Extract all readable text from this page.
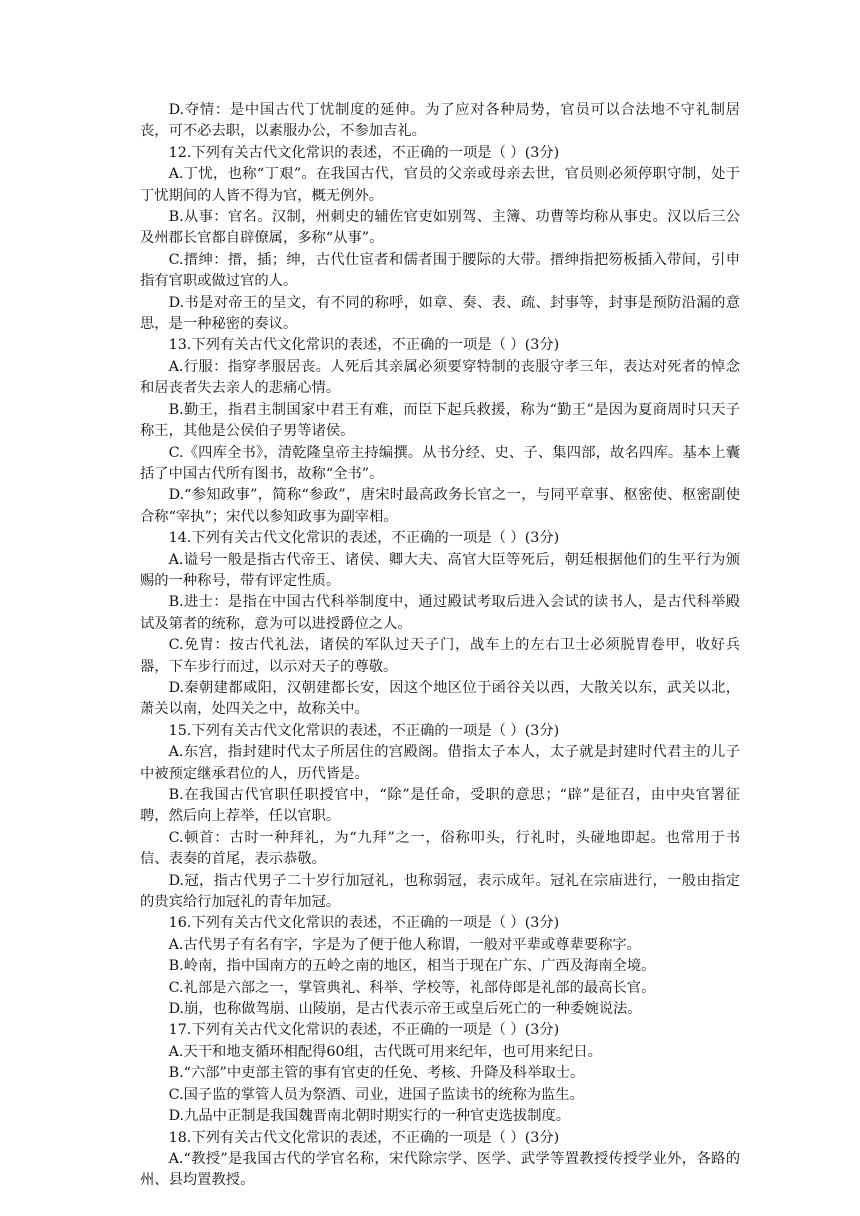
D.夺情：是中国古代丁忧制度的延伸。为了应对各种局势，官员可以合法地不守礼制居丧，可不必去职，以素服办公，不参加吉礼。

12.下列有关古代文化常识的表述，不正确的一项是（ ）(3分)

A.丁忧，也称“丁艰”。在我国古代，官员的父亲或母亲去世，官员则必须停职守制，处于丁忧期间的人皆不得为官，概无例外。

B.从事：官名。汉制，州刺史的辅佐官吏如别驾、主簿、功曹等均称从事史。汉以后三公及州郡长官都自辟僚属，多称“从事”。

C.搢绅：搢，插；绅，古代仕宦者和儒者围于腰际的大带。搢绅指把笏板插入带间，引申指有官职或做过官的人。

D.书是对帝王的呈文，有不同的称呼，如章、奏、表、疏、封事等，封事是预防沿漏的意思，是一种秘密的奏议。

13.下列有关古代文化常识的表述，不正确的一项是（ ）(3分)

A.行服：指穿孝服居丧。人死后其亲属必须要穿特制的丧服守孝三年，表达对死者的悼念和居丧者失去亲人的悲痛心情。

B.勤王，指君主制国家中君王有难，而臣下起兵救援，称为“勤王”是因为夏商周时只天子称王，其他是公侯伯子男等诸侯。

C.《四库全书》，清乾隆皇帝主持编撰。从书分经、史、子、集四部，故名四库。基本上囊括了中国古代所有图书，故称“全书”。

D.“参知政事”，简称“参政”，唐宋时最高政务长官之一，与同平章事、枢密使、枢密副使合称“宰执”；宋代以参知政事为副宰相。

14.下列有关古代文化常识的表述，不正确的一项是（ ）(3分)

A.谥号一般是指古代帝王、诸侯、卿大夫、高官大臣等死后，朝廷根据他们的生平行为颁赐的一种称号，带有评定性质。

B.进士：是指在中国古代科举制度中，通过殿试考取后进入会试的读书人，是古代科举殿试及第者的统称，意为可以进授爵位之人。

C.免胄：按古代礼法，诸侯的军队过天子门，战车上的左右卫士必须脱胄卷甲，收好兵器，下车步行而过，以示对天子的尊敬。

D.秦朝建都咸阳，汉朝建都长安，因这个地区位于函谷关以西，大散关以东，武关以北，萧关以南，处四关之中，故称关中。

15.下列有关古代文化常识的表述，不正确的一项是（ ）(3分)

A.东宫，指封建时代太子所居住的宫殿阁。借指太子本人，太子就是封建时代君主的儿子中被预定继承君位的人，历代皆是。

B.在我国古代官职任职授官中，“除”是任命，受职的意思；“辟”是征召，由中央官署征聘，然后向上荐举，任以官职。

C.顿首：古时一种拜礼，为“九拜”之一，俗称叩头，行礼时，头碰地即起。也常用于书信、表奏的首尾，表示恭敬。

D.冠，指古代男子二十岁行加冠礼，也称弱冠，表示成年。冠礼在宗庙进行，一般由指定的贵宾给行加冠礼的青年加冠。

16.下列有关古代文化常识的表述，不正确的一项是（ ）(3分)

A.古代男子有名有字，字是为了便于他人称谓，一般对平辈或尊辈要称字。

B.岭南，指中国南方的五岭之南的地区，相当于现在广东、广西及海南全境。

C.礼部是六部之一，掌管典礼、科举、学校等，礼部侍郎是礼部的最高长官。

D.崩，也称做驾崩、山陵崩，是古代表示帝王或皇后死亡的一种委婉说法。

17.下列有关古代文化常识的表述，不正确的一项是（ ）(3分)

A.天干和地支循环相配得60组，古代既可用来纪年，也可用来纪日。

B.“六部”中吏部主管的事有官吏的任免、考核、升降及科举取士。

C.国子监的掌管人员为祭酒、司业，进国子监读书的统称为监生。

D.九品中正制是我国魏晋南北朝时期实行的一种官吏选拔制度。

18.下列有关古代文化常识的表述，不正确的一项是（ ）(3分)

A.“教授”是我国古代的学官名称，宋代除宗学、医学、武学等置教授传授学业外，各路的州、县均置教授。
